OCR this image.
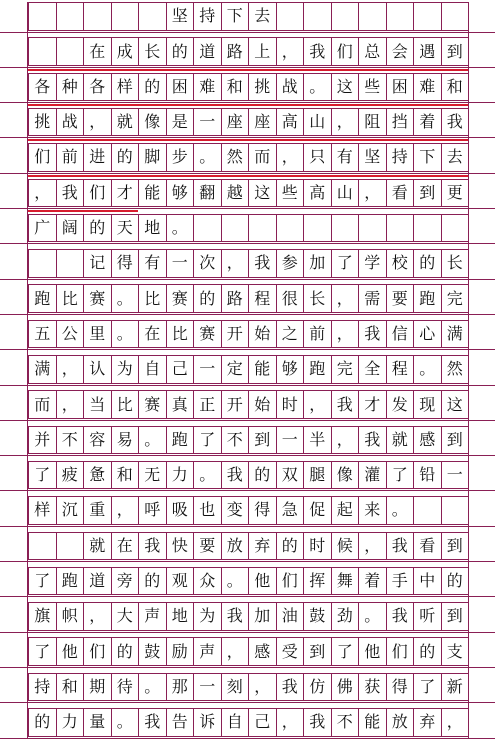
坚 持 下 去
在 成 长 的 道 路 上 ， 我 们 总 会 遇 到
各 种 各 样 的 困 难 和 挑 战 。 这 些 困 难 和
挑 战 ， 就 像 是 一 座 座 高 山 ， 阻 挡 着 我
们 前 进 的 脚 步 。 然 而 ， 只 有 坚 持 下 去
， 我 们 才 能 够 翻 越 这 些 高 山 ， 看 到 更
广 阔 的 天 地 。
记 得 有 一 次 ， 我 参 加 了 学 校 的 长
跑 比 赛 。 比 赛 的 路 程 很 长 ， 需 要 跑 完
五 公 里 。 在 比 赛 开 始 之 前 ， 我 信 心 满
满 ， 认 为 自 己 一 定 能 够 跑 完 全 程 。 然
而 ， 当 比 赛 真 正 开 始 时 ， 我 才 发 现 这
并 不 容 易 。 跑 了 不 到 一 半 ， 我 就 感 到
了 疲 惫 和 无 力 。 我 的 双 腿 像 灌 了 铅 一
样 沉 重 ， 呼 吸 也 变 得 急 促 起 来 。
就 在 我 快 要 放 弃 的 时 候 ， 我 看 到
了 跑 道 旁 的 观 众 。 他 们 挥 舞 着 手 中 的
旗 帜 ， 大 声 地 为 我 加 油 鼓 劲 。 我 听 到
了 他 们 的 鼓 励 声 ， 感 受 到 了 他 们 的 支
持 和 期 待 。 那 一 刻 ， 我 仿 佛 获 得 了 新
的 力 量 。 我 告 诉 自 己 ， 我 不 能 放 弃 ，
